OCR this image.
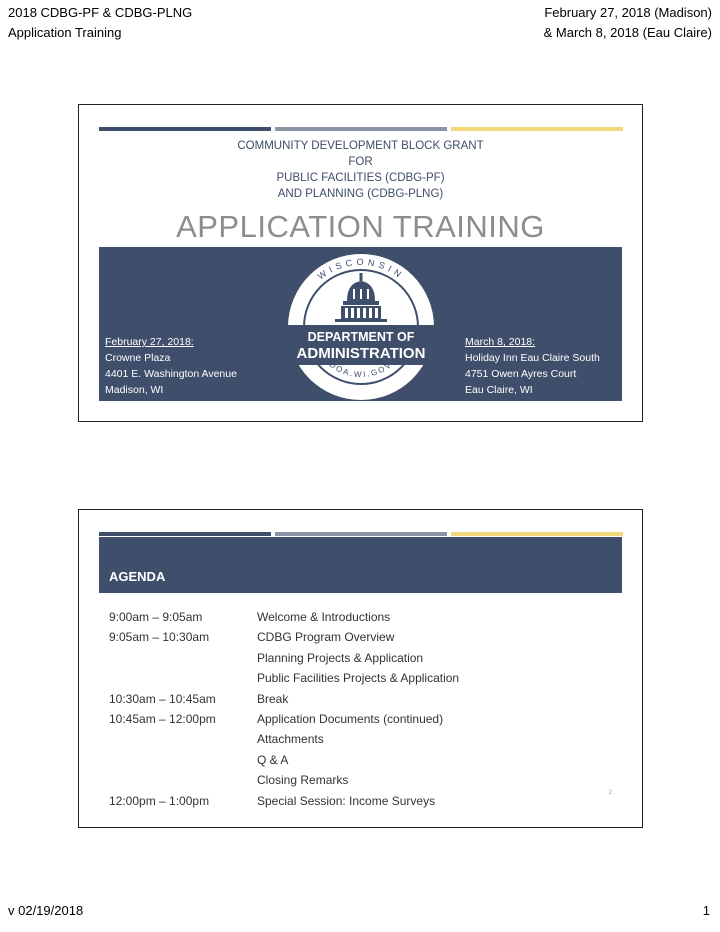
2018 CDBG-PF & CDBG-PLNG
Application Training
February 27, 2018 (Madison)
& March 8, 2018 (Eau Claire)
COMMUNITY DEVELOPMENT BLOCK GRANT
FOR
PUBLIC FACILITIES (CDBG-PF)
AND PLANNING (CDBG-PLNG)
APPLICATION TRAINING
February 27, 2018:
Crowne Plaza
4401 E. Washington Avenue
Madison, WI
WISCONSIN
DEPARTMENT OF
ADMINISTRATION
DOA.WI.GOV
March 8, 2018:
Holiday Inn Eau Claire South
4751 Owen Ayres Court
Eau Claire, WI
AGENDA
9:00am – 9:05am	Welcome & Introductions
9:05am – 10:30am	CDBG Program Overview
Planning Projects & Application
Public Facilities Projects & Application
10:30am – 10:45am	Break
10:45am – 12:00pm	Application Documents (continued)
Attachments
Q & A
Closing Remarks
12:00pm – 1:00pm	Special Session: Income Surveys
2
v 02/19/2018	1
